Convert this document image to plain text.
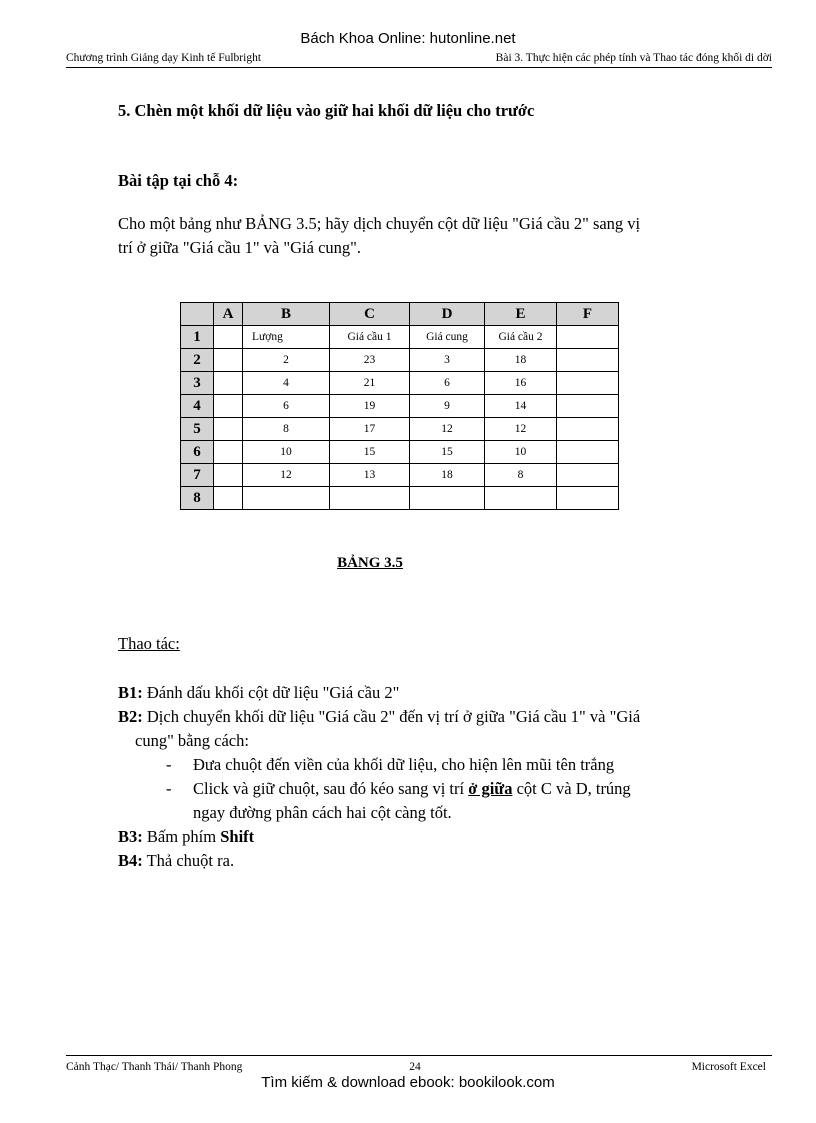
Bách Khoa Online: hutonline.net
Chương trình Giảng dạy Kinh tế Fulbright	Bài 3. Thực hiện các phép tính và Thao tác đóng khối di dời
5. Chèn một khối dữ liệu vào giữ hai khối dữ liệu cho trước
Bài tập tại chỗ 4:

Cho một bảng như BẢNG 3.5; hãy dịch chuyển cột dữ liệu "Giá cầu 2" sang vị

trí ở giữa "Giá cầu 1" và "Giá cung".

	A	B	C	D	E	F
1		Lượng	Giá cầu 1	Giá cung	Giá cầu 2	
2		2	23	3	18	
3		4	21	6	16	
4		6	19	9	14	
5		8	17	12	12	
6		10	15	15	10	
7		12	13	18	8	
8						
BẢNG 3.5
Thao tác:

B1: Đánh dấu khối cột dữ liệu "Giá cầu 2"

B2: Dịch chuyển khối dữ liệu "Giá cầu 2" đến vị trí ở giữa "Giá cầu 1" và "Giá

cung" bằng cách:

- Đưa chuột đến viền của khối dữ liệu, cho hiện lên mũi tên trắng

- Click và giữ chuột, sau đó kéo sang vị trí ở giữa cột C và D, trúng

ngay đường phân cách hai cột càng tốt.

B3: Bấm phím Shift

B4: Thả chuột ra.

Cảnh Thạc/ Thanh Thái/ Thanh Phong	24	Microsoft Excel
Tìm kiếm & download ebook: bookilook.com
